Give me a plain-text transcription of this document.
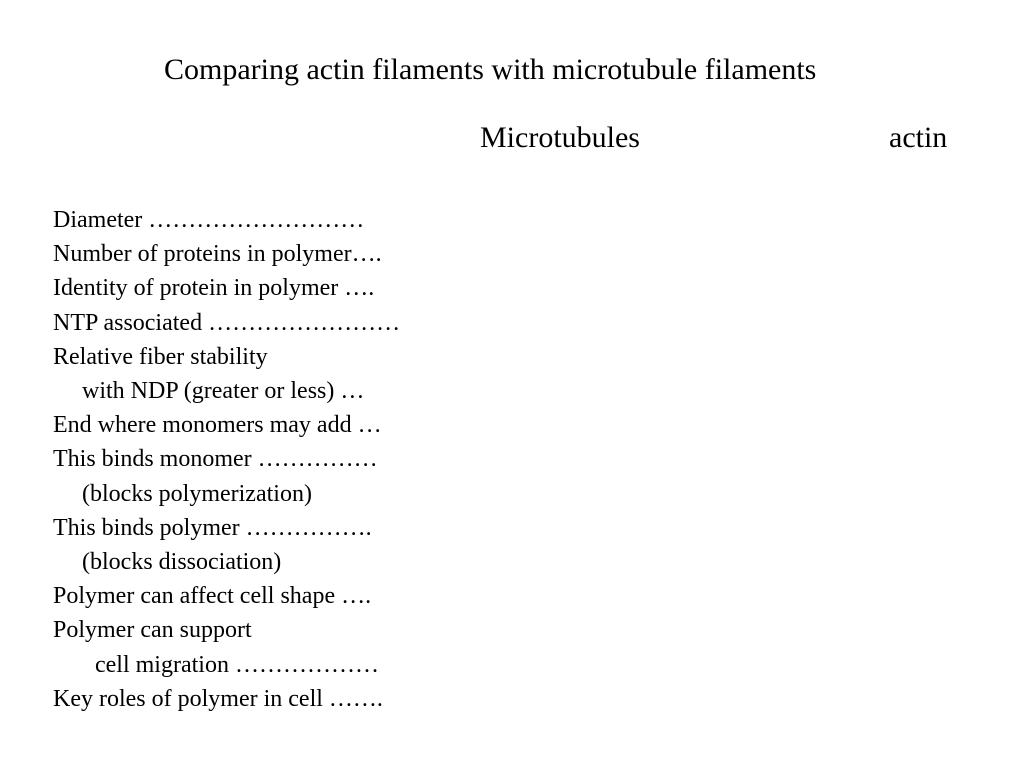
Comparing actin filaments with microtubule filaments
Microtubules	actin
Diameter ………………………
Number of proteins in polymer….
Identity of protein in polymer ….
NTP associated ……………………
Relative fiber stability
with NDP (greater or less) …
End where monomers may add …
This binds monomer ……………
(blocks polymerization)
This binds polymer …………….
(blocks dissociation)
Polymer can affect cell shape ….
Polymer can support
cell migration ………………
Key roles of polymer in cell …….
